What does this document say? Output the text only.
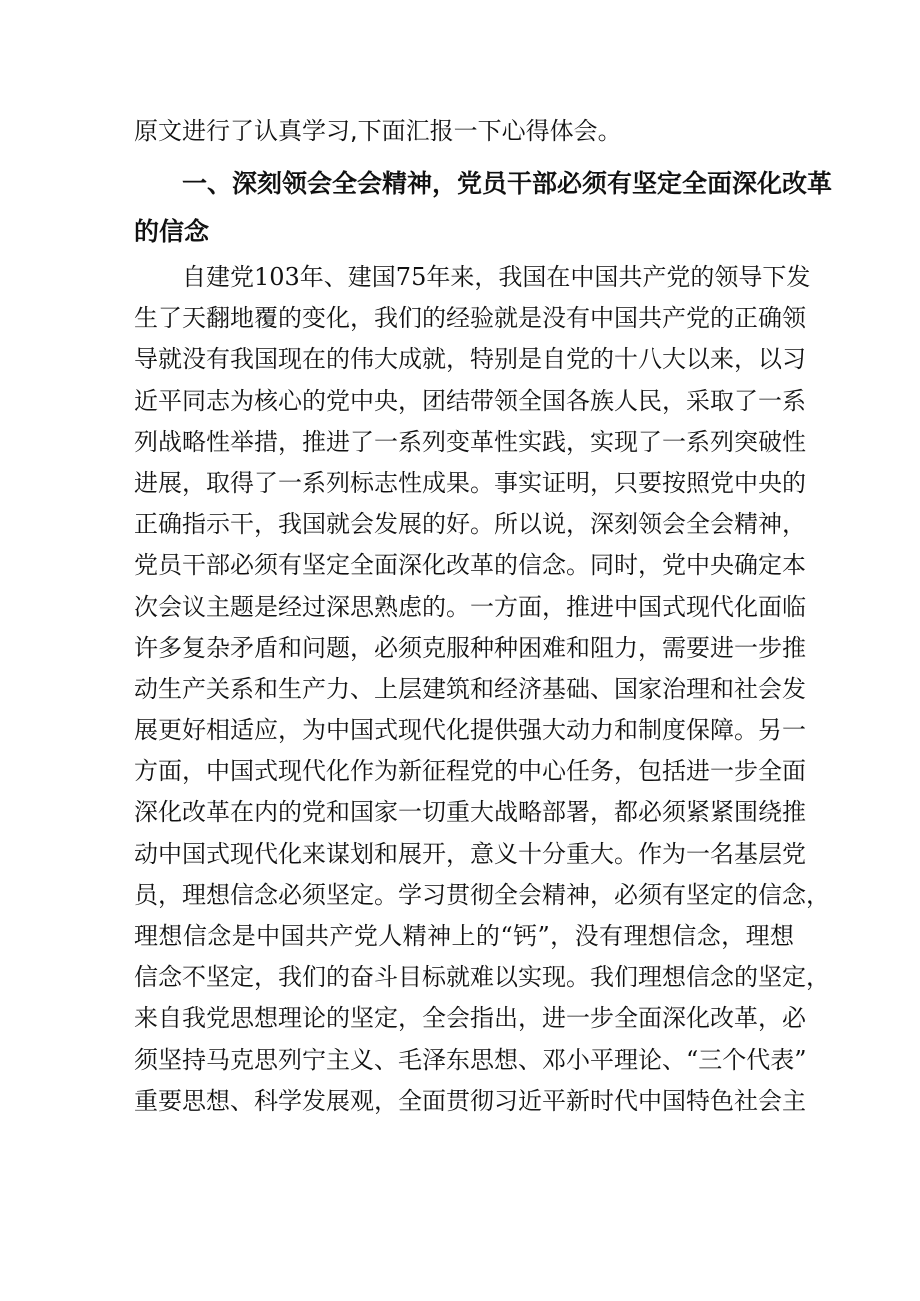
原文进行了认真学习,下面汇报一下心得体会。
一、深刻领会全会精神，党员干部必须有坚定全面深化改革
的信念
自建党103年、建国75年来，我国在中国共产党的领导下发
生了天翻地覆的变化，我们的经验就是没有中国共产党的正确领
导就没有我国现在的伟大成就，特别是自党的十八大以来，以习
近平同志为核心的党中央，团结带领全国各族人民，采取了一系
列战略性举措，推进了一系列变革性实践，实现了一系列突破性
进展，取得了一系列标志性成果。事实证明，只要按照党中央的
正确指示干，我国就会发展的好。所以说，深刻领会全会精神，
党员干部必须有坚定全面深化改革的信念。同时，党中央确定本
次会议主题是经过深思熟虑的。一方面，推进中国式现代化面临
许多复杂矛盾和问题，必须克服种种困难和阻力，需要进一步推
动生产关系和生产力、上层建筑和经济基础、国家治理和社会发
展更好相适应，为中国式现代化提供强大动力和制度保障。另一
方面，中国式现代化作为新征程党的中心任务，包括进一步全面
深化改革在内的党和国家一切重大战略部署，都必须紧紧围绕推
动中国式现代化来谋划和展开，意义十分重大。作为一名基层党
员，理想信念必须坚定。学习贯彻全会精神，必须有坚定的信念，
理想信念是中国共产党人精神上的“钙”，没有理想信念，理想
信念不坚定，我们的奋斗目标就难以实现。我们理想信念的坚定，
来自我党思想理论的坚定，全会指出，进一步全面深化改革，必
须坚持马克思列宁主义、毛泽东思想、邓小平理论、“三个代表”
重要思想、科学发展观，全面贯彻习近平新时代中国特色社会主
